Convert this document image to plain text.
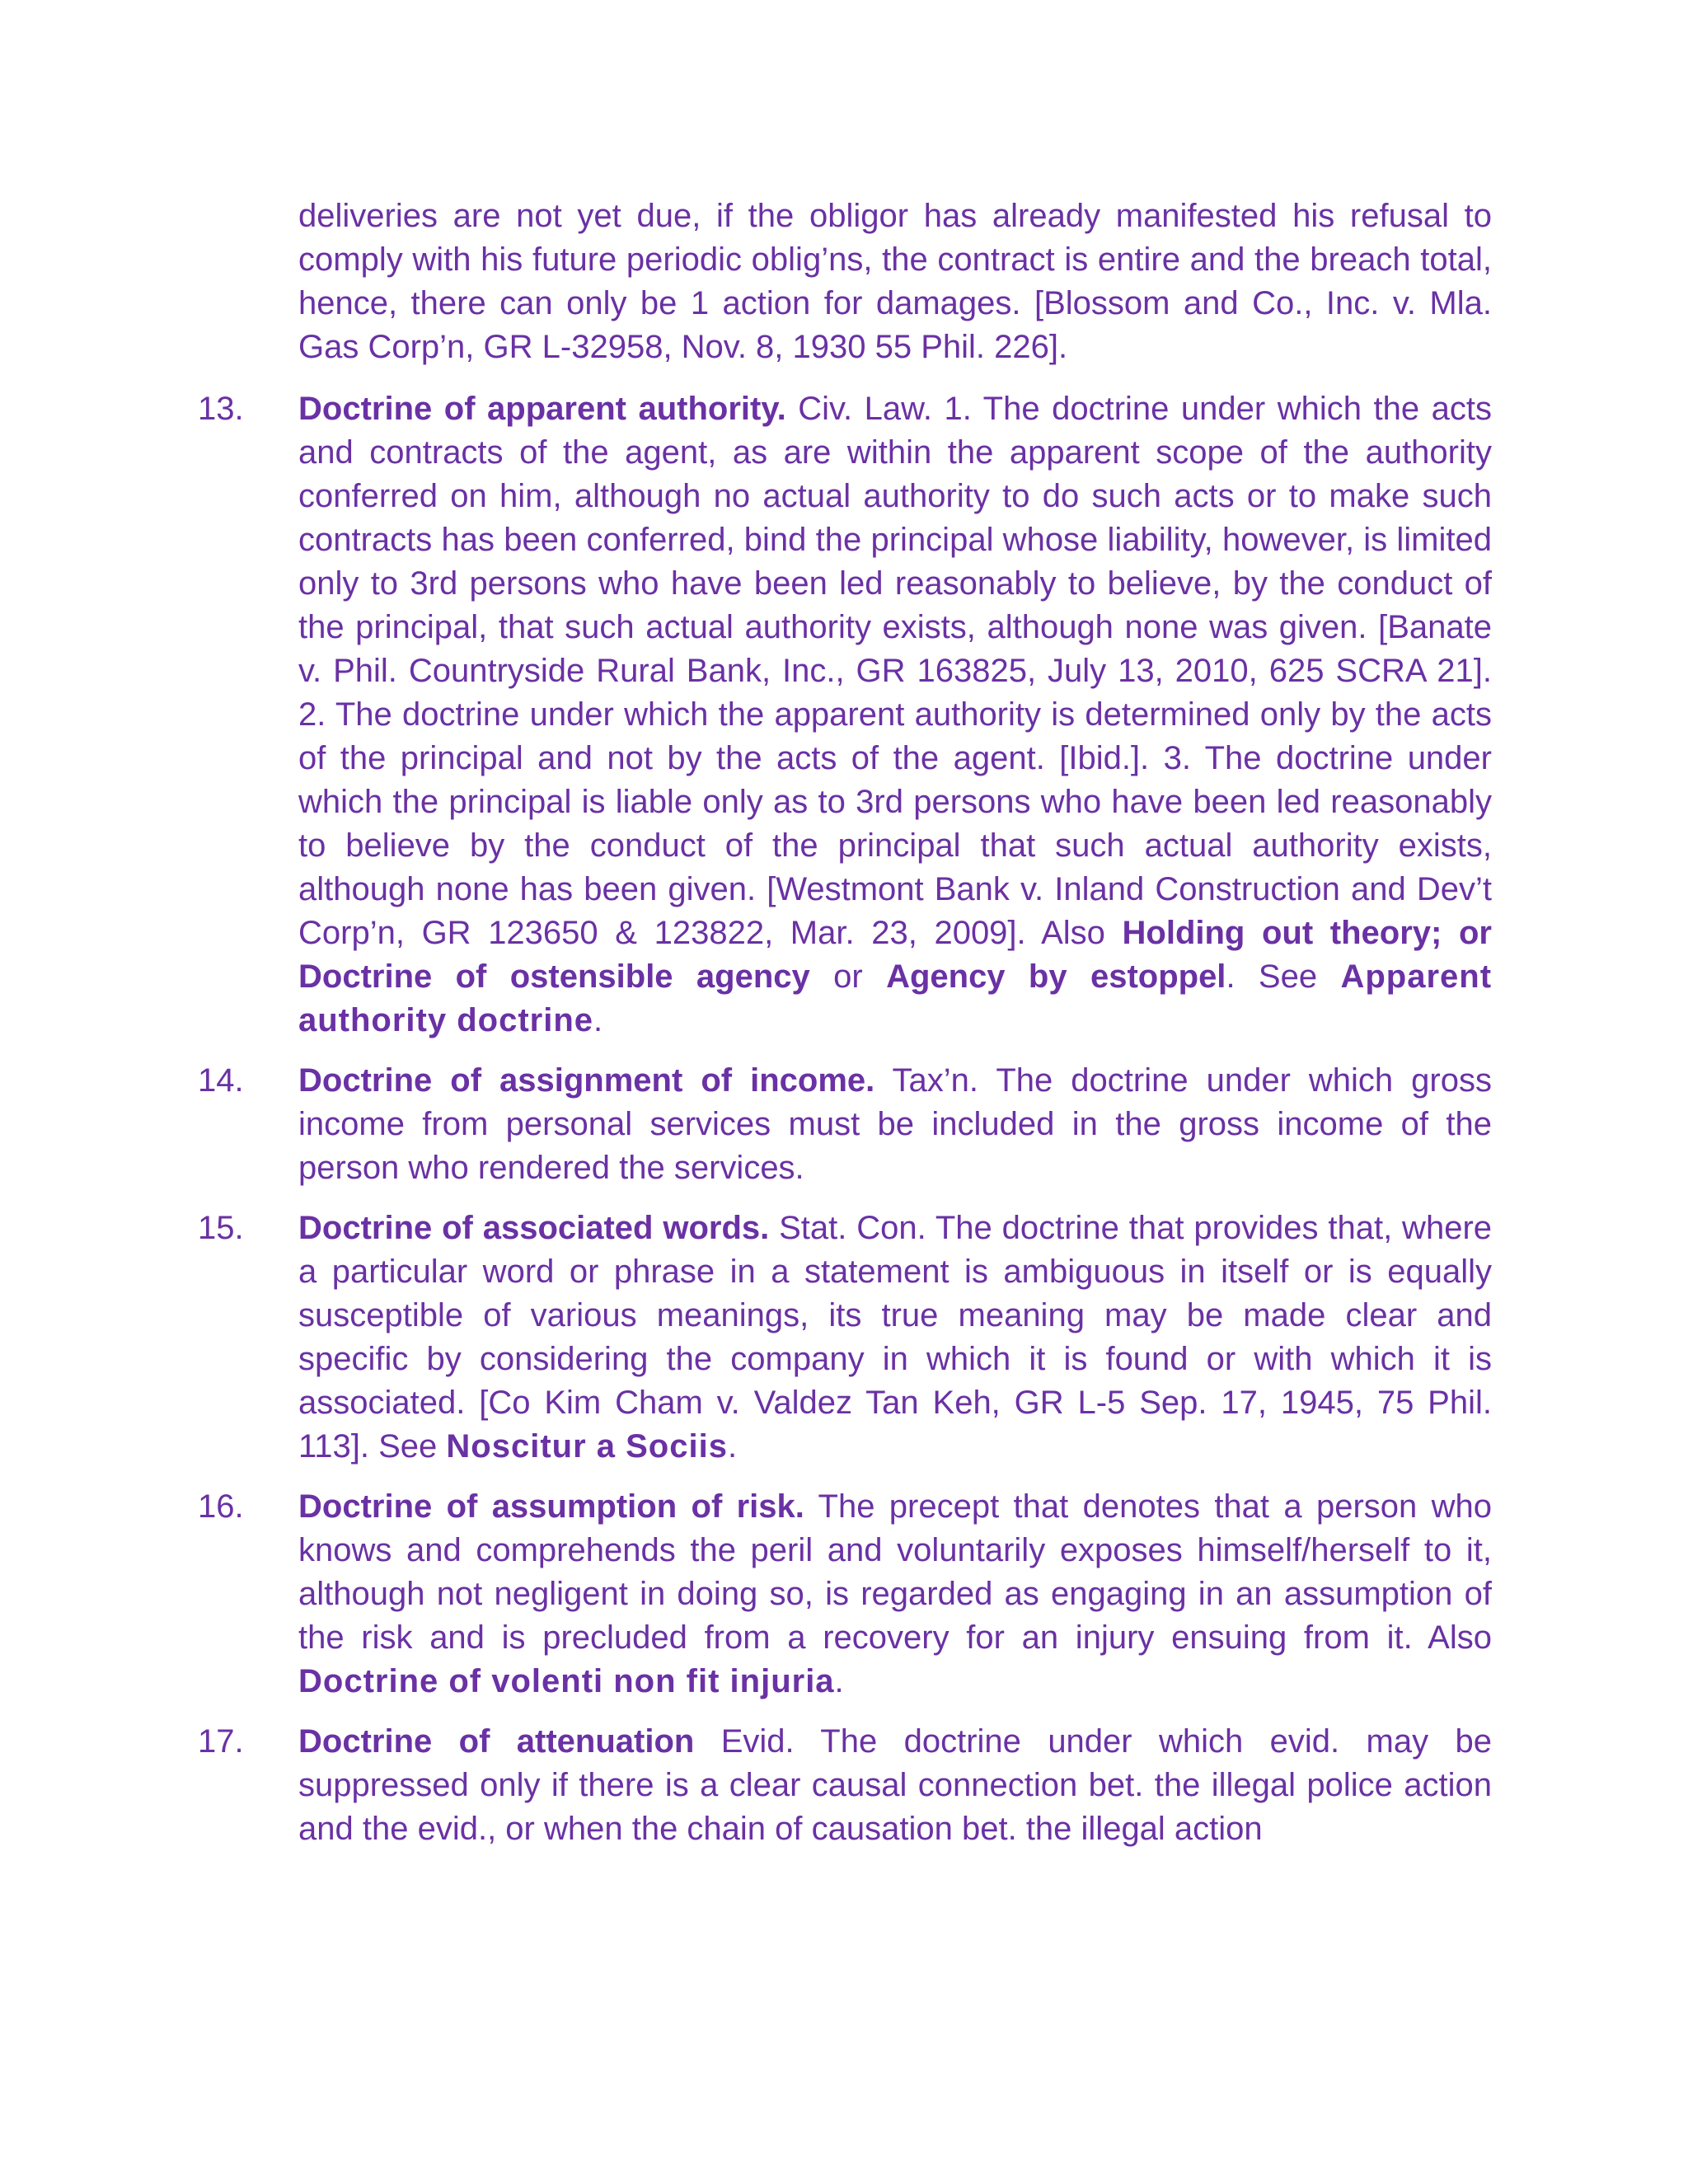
deliveries are not yet due, if the obligor has already manifested his refusal to comply with his future periodic oblig’ns, the contract is entire and the breach total, hence, there can only be 1 action for damages. [Blossom and Co., Inc. v. Mla. Gas Corp’n, GR L-32958, Nov. 8, 1930 55 Phil. 226].

13.	Doctrine of apparent authority. Civ. Law. 1. The doctrine under which the acts and contracts of the agent, as are within the apparent scope of the authority conferred on him, although no actual authority to do such acts or to make such contracts has been conferred, bind the principal whose liability, however, is limited only to 3rd persons who have been led reasonably to believe, by the conduct of the principal, that such actual authority exists, although none was given. [Banate v. Phil. Countryside Rural Bank, Inc., GR 163825, July 13, 2010, 625 SCRA 21]. 2. The doctrine under which the apparent authority is determined only by the acts of the principal and not by the acts of the agent. [Ibid.]. 3. The doctrine under which the principal is liable only as to 3rd persons who have been led reasonably to believe by the conduct of the principal that such actual authority exists, although none has been given. [Westmont Bank v. Inland Construction and Dev’t Corp’n, GR 123650 & 123822, Mar. 23, 2009]. Also Holding out theory; or Doctrine of ostensible agency or Agency by estoppel. See Apparent authority doctrine.

14.	Doctrine of assignment of income. Tax’n. The doctrine under which gross income from personal services must be included in the gross income of the person who rendered the services.

15.	Doctrine of associated words. Stat. Con. The doctrine that provides that, where a particular word or phrase in a statement is ambiguous in itself or is equally susceptible of various meanings, its true meaning may be made clear and specific by considering the company in which it is found or with which it is associated. [Co Kim Cham v. Valdez Tan Keh, GR L-5 Sep. 17, 1945, 75 Phil. 113]. See Noscitur a Sociis.

16.	Doctrine of assumption of risk. The precept that denotes that a person who knows and comprehends the peril and voluntarily exposes himself/herself to it, although not negligent in doing so, is regarded as engaging in an assumption of the risk and is precluded from a recovery for an injury ensuing from it. Also Doctrine of volenti non fit injuria.

17.	Doctrine of attenuation Evid. The doctrine under which evid. may be suppressed only if there is a clear causal connection bet. the illegal police action and the evid., or when the chain of causation bet. the illegal action
